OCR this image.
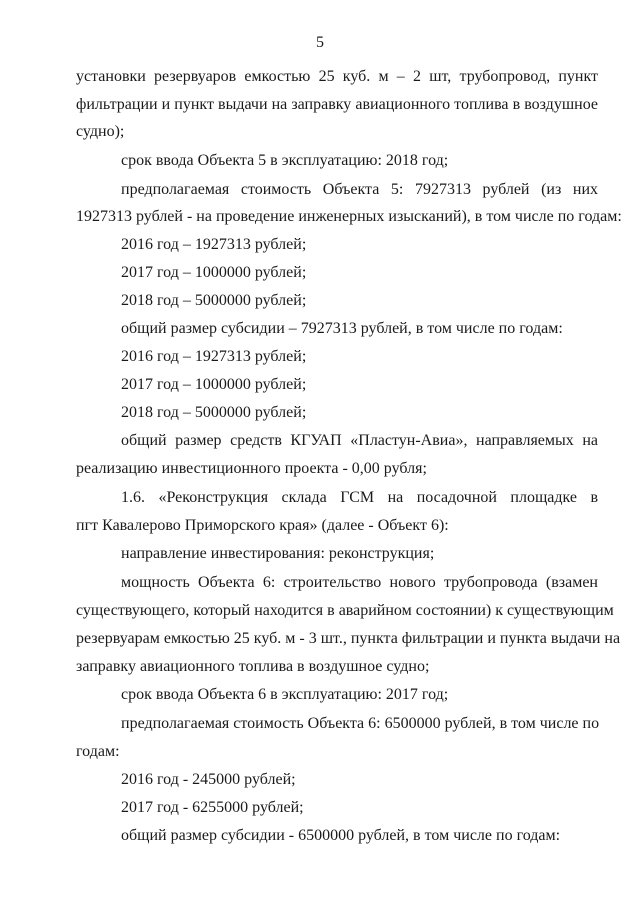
5
установки резервуаров емкостью 25 куб. м – 2 шт, трубопровод, пункт
фильтрации и пункт выдачи на заправку авиационного топлива в воздушное
судно);
срок ввода Объекта 5 в эксплуатацию: 2018 год;
предполагаемая стоимость Объекта 5: 7927313 рублей (из них
1927313 рублей - на проведение инженерных изысканий), в том числе по годам:
2016 год – 1927313 рублей;
2017 год – 1000000 рублей;
2018 год – 5000000 рублей;
общий размер субсидии – 7927313 рублей, в том числе по годам:
2016 год – 1927313 рублей;
2017 год – 1000000 рублей;
2018 год – 5000000 рублей;
общий размер средств КГУАП «Пластун-Авиа», направляемых на
реализацию инвестиционного проекта - 0,00 рубля;
1.6. «Реконструкция склада ГСМ на посадочной площадке в
пгт Кавалерово Приморского края» (далее - Объект 6):
направление инвестирования: реконструкция;
мощность Объекта 6: строительство нового трубопровода (взамен
существующего, который находится в аварийном состоянии) к существующим
резервуарам емкостью 25 куб. м - 3 шт., пункта фильтрации и пункта выдачи на
заправку авиационного топлива в воздушное судно;
срок ввода Объекта 6 в эксплуатацию: 2017 год;
предполагаемая стоимость Объекта 6: 6500000 рублей, в том числе по
годам:
2016 год - 245000 рублей;
2017 год - 6255000 рублей;
общий размер субсидии - 6500000 рублей, в том числе по годам:
